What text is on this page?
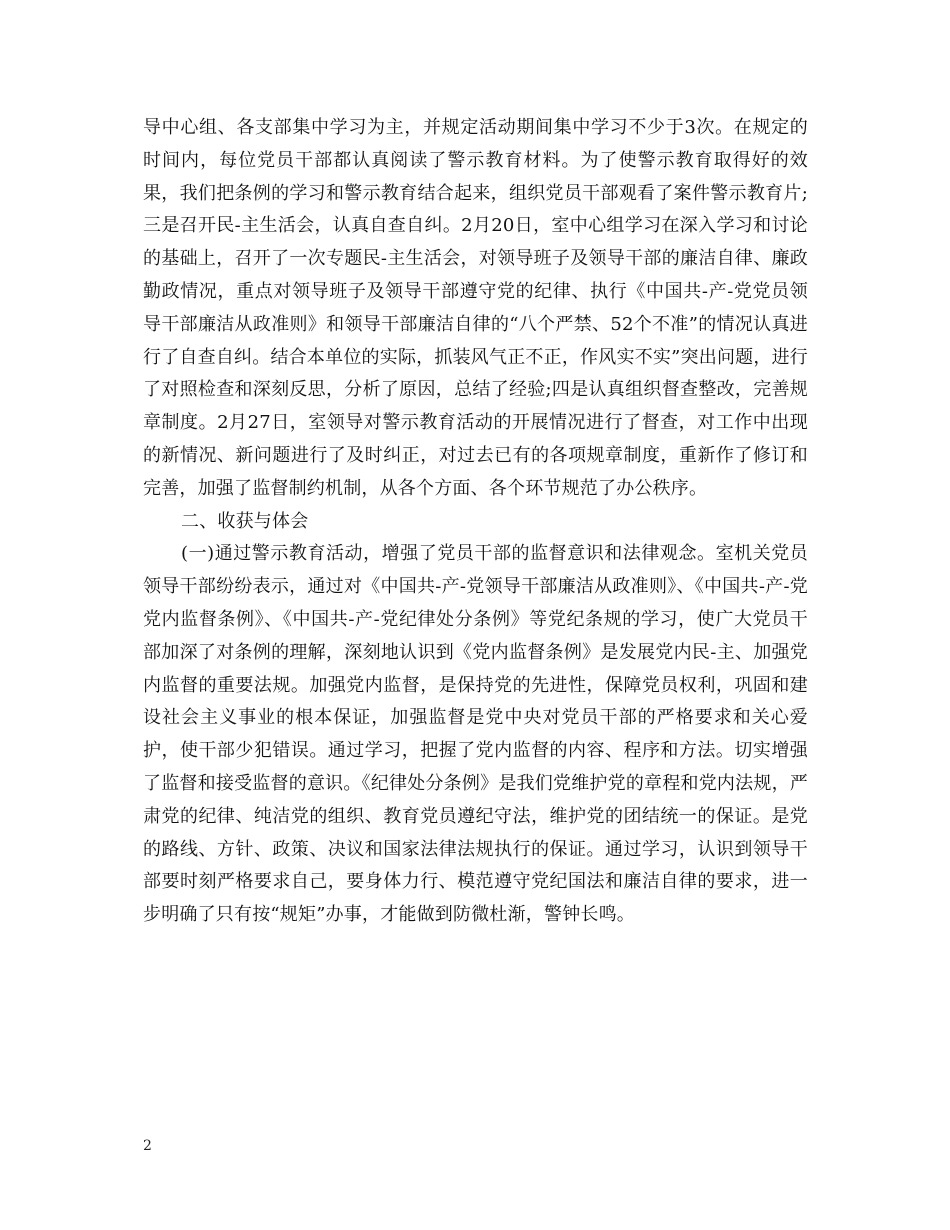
导中心组、各支部集中学习为主，并规定活动期间集中学习不少于3次。在规定的时间内，每位党员干部都认真阅读了警示教育材料。为了使警示教育取得好的效果，我们把条例的学习和警示教育结合起来，组织党员干部观看了案件警示教育片;三是召开民-主生活会，认真自查自纠。2月20日，室中心组学习在深入学习和讨论的基础上，召开了一次专题民-主生活会，对领导班子及领导干部的廉洁自律、廉政勤政情况，重点对领导班子及领导干部遵守党的纪律、执行《中国共-产-党党员领导干部廉洁从政准则》和领导干部廉洁自律的“八个严禁、52个不准”的情况认真进行了自查自纠。结合本单位的实际，抓装风气正不正，作风实不实”突出问题，进行了对照检查和深刻反思，分析了原因，总结了经验;四是认真组织督查整改，完善规章制度。2月27日，室领导对警示教育活动的开展情况进行了督查，对工作中出现的新情况、新问题进行了及时纠正，对过去已有的各项规章制度，重新作了修订和完善，加强了监督制约机制，从各个方面、各个环节规范了办公秩序。

二、收获与体会

(一)通过警示教育活动，增强了党员干部的监督意识和法律观念。室机关党员领导干部纷纷表示，通过对《中国共-产-党领导干部廉洁从政准则》、《中国共-产-党党内监督条例》、《中国共-产-党纪律处分条例》等党纪条规的学习，使广大党员干部加深了对条例的理解，深刻地认识到《党内监督条例》是发展党内民-主、加强党内监督的重要法规。加强党内监督，是保持党的先进性，保障党员权利，巩固和建设社会主义事业的根本保证，加强监督是党中央对党员干部的严格要求和关心爱护，使干部少犯错误。通过学习，把握了党内监督的内容、程序和方法。切实增强了监督和接受监督的意识。《纪律处分条例》是我们党维护党的章程和党内法规，严肃党的纪律、纯洁党的组织、教育党员遵纪守法，维护党的团结统一的保证。是党的路线、方针、政策、决议和国家法律法规执行的保证。通过学习，认识到领导干部要时刻严格要求自己，要身体力行、模范遵守党纪国法和廉洁自律的要求，进一步明确了只有按“规矩”办事，才能做到防微杜渐，警钟长鸣。

2
